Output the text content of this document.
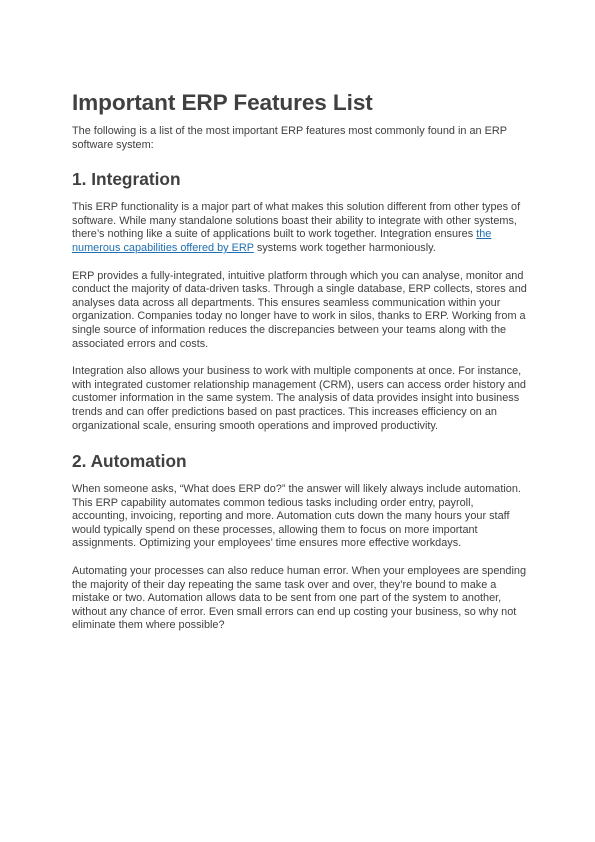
Important ERP Features List

The following is a list of the most important ERP features most commonly found in an ERP software system:

1. Integration

This ERP functionality is a major part of what makes this solution different from other types of software. While many standalone solutions boast their ability to integrate with other systems, there’s nothing like a suite of applications built to work together. Integration ensures the numerous capabilities offered by ERP systems work together harmoniously.

ERP provides a fully-integrated, intuitive platform through which you can analyse, monitor and conduct the majority of data-driven tasks. Through a single database, ERP collects, stores and analyses data across all departments. This ensures seamless communication within your organization. Companies today no longer have to work in silos, thanks to ERP. Working from a single source of information reduces the discrepancies between your teams along with the associated errors and costs.

Integration also allows your business to work with multiple components at once. For instance, with integrated customer relationship management (CRM), users can access order history and customer information in the same system. The analysis of data provides insight into business trends and can offer predictions based on past practices. This increases efficiency on an organizational scale, ensuring smooth operations and improved productivity.

2. Automation

When someone asks, “What does ERP do?” the answer will likely always include automation. This ERP capability automates common tedious tasks including order entry, payroll, accounting, invoicing, reporting and more. Automation cuts down the many hours your staff would typically spend on these processes, allowing them to focus on more important assignments. Optimizing your employees’ time ensures more effective workdays.

Automating your processes can also reduce human error. When your employees are spending the majority of their day repeating the same task over and over, they’re bound to make a mistake or two. Automation allows data to be sent from one part of the system to another, without any chance of error. Even small errors can end up costing your business, so why not eliminate them where possible?
